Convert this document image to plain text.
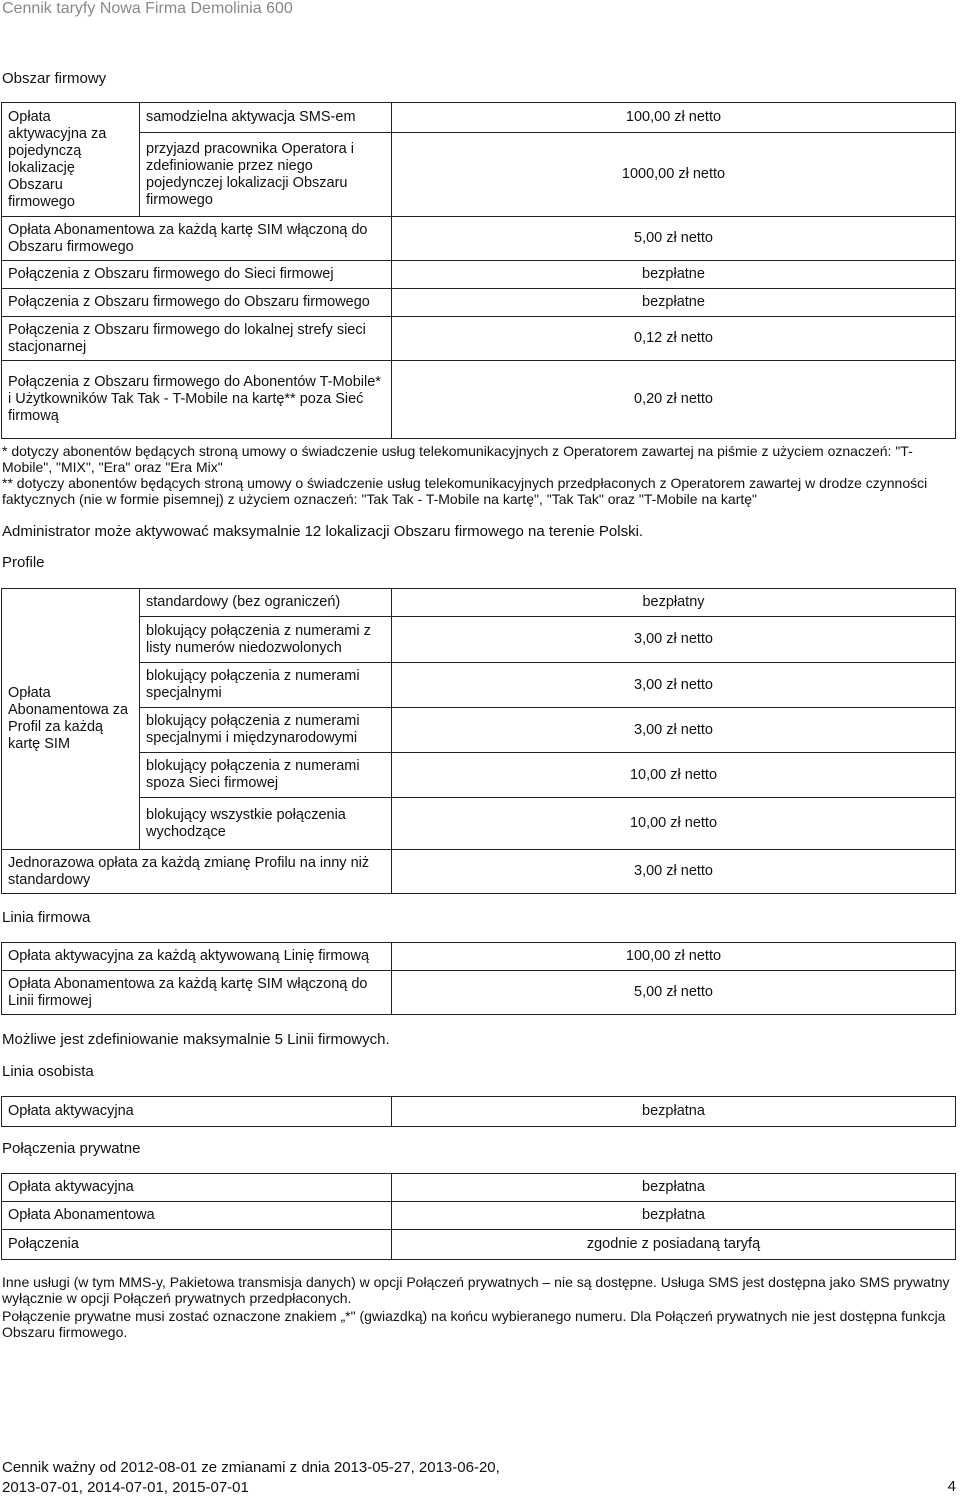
Cennik taryfy Nowa Firma Demolinia 600
Obszar firmowy
Opłata aktywacyjna za pojedynczą lokalizację Obszaru firmowego	samodzielna aktywacja SMS-em	100,00 zł netto
	przyjazd pracownika Operatora i zdefiniowanie przez niego pojedynczej lokalizacji Obszaru firmowego	1000,00 zł netto
Opłata Abonamentowa za każdą kartę SIM włączoną do Obszaru firmowego		5,00 zł netto
Połączenia z Obszaru firmowego do Sieci firmowej		bezpłatne
Połączenia z Obszaru firmowego do Obszaru firmowego		bezpłatne
Połączenia z Obszaru firmowego do lokalnej strefy sieci stacjonarnej		0,12 zł netto

Połączenia z Obszaru firmowego do Abonentów T-Mobile*
i Użytkowników Tak Tak - T-Mobile na kartę** poza Sieć firmową		0,20 zł netto
* dotyczy abonentów będących stroną umowy o świadczenie usług telekomunikacyjnych z Operatorem zawartej na piśmie z użyciem oznaczeń: "T-Mobile", "MIX", "Era" oraz "Era Mix"
** dotyczy abonentów będących stroną umowy o świadczenie usług telekomunikacyjnych przedpłaconych z Operatorem zawartej w drodze czynności faktycznych (nie w formie pisemnej) z użyciem oznaczeń: "Tak Tak - T-Mobile na kartę", "Tak Tak" oraz "T-Mobile na kartę"
Administrator może aktywować maksymalnie 12 lokalizacji Obszaru firmowego na terenie Polski.
Profile
Opłata Abonamentowa za Profil za każdą kartę SIM	standardowy (bez ograniczeń)	bezpłatny
	blokujący połączenia z numerami z listy numerów niedozwolonych	3,00 zł netto
	blokujący połączenia z numerami specjalnymi	3,00 zł netto
	blokujący połączenia z numerami specjalnymi i międzynarodowymi	3,00 zł netto
	blokujący połączenia z numerami spoza Sieci firmowej	10,00 zł netto
	blokujący wszystkie połączenia wychodzące	10,00 zł netto
Jednorazowa opłata za każdą zmianę Profilu na inny niż standardowy		3,00 zł netto
Linia firmowa
Opłata aktywacyjna za każdą aktywowaną Linię firmową	100,00 zł netto
Opłata Abonamentowa za każdą kartę SIM włączoną do Linii firmowej	5,00 zł netto
Możliwe jest zdefiniowanie maksymalnie 5 Linii firmowych.
Linia osobista
Opłata aktywacyjna	bezpłatna
Połączenia prywatne
Opłata aktywacyjna	bezpłatna
Opłata Abonamentowa	bezpłatna
Połączenia	zgodnie z posiadaną taryfą
Inne usługi (w tym MMS-y, Pakietowa transmisja danych) w opcji Połączeń prywatnych – nie są dostępne. Usługa SMS jest dostępna jako SMS prywatny wyłącznie w opcji Połączeń prywatnych przedpłaconych.
Połączenie prywatne musi zostać oznaczone znakiem „*" (gwiazdką) na końcu wybieranego numeru. Dla Połączeń prywatnych nie jest dostępna funkcja Obszaru firmowego.
Cennik ważny od 2012-08-01 ze zmianami z dnia 2013-05-27, 2013-06-20,
2013-07-01, 2014-07-01, 2015-07-01	4
